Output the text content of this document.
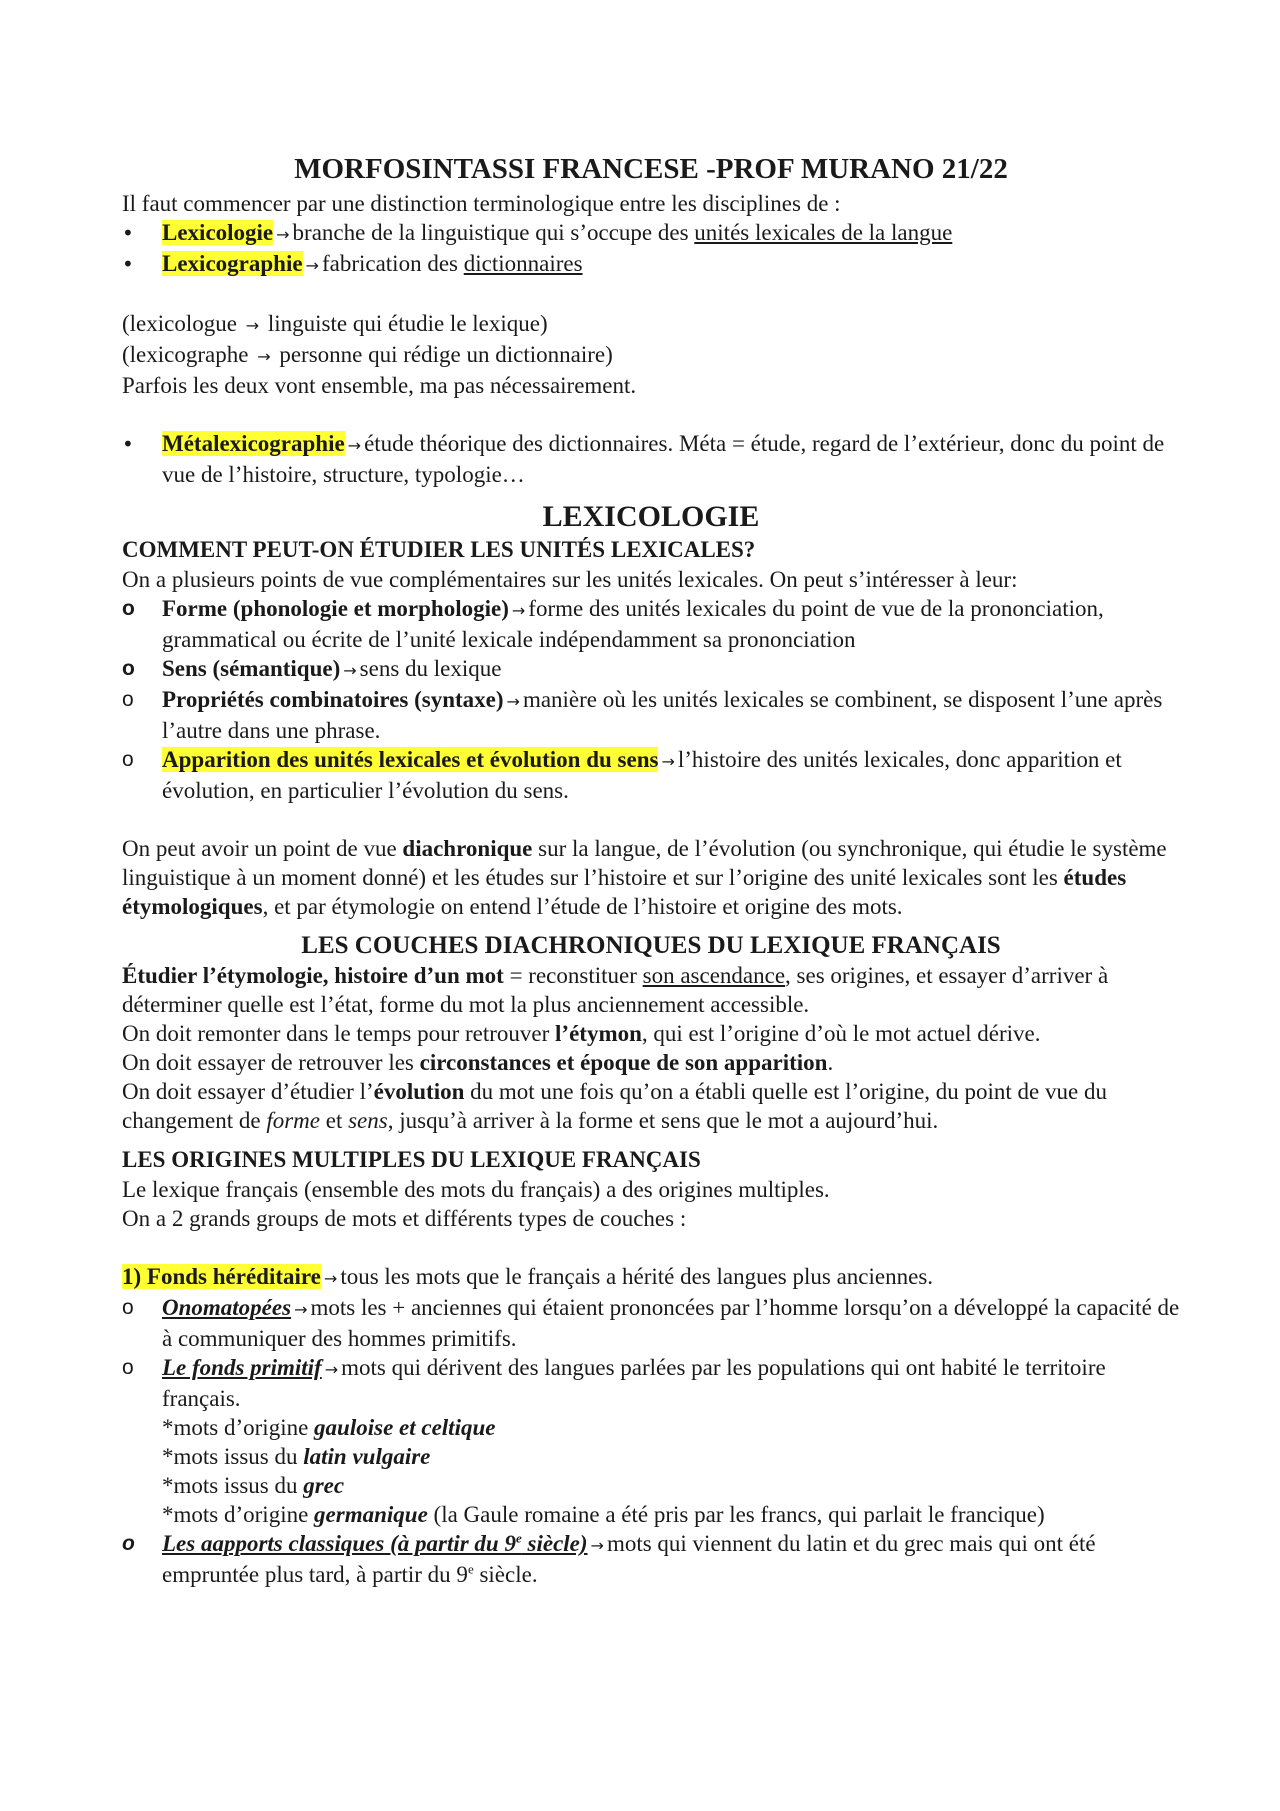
MORFOSINTASSI FRANCESE -PROF MURANO 21/22

Il faut commencer par une distinction terminologique entre les disciplines de :

•
Lexicologie → branche de la linguistique qui s’occupe des unités lexicales de la langue
•
Lexicographie → fabrication des dictionnaires

(lexicologue → linguiste qui étudie le lexique)

(lexicographe → personne qui rédige un dictionnaire)

Parfois les deux vont ensemble, ma pas nécessairement.

•
Métalexicographie → étude théorique des dictionnaires. Méta = étude, regard de l’extérieur, donc du point de vue de l’histoire, structure, typologie…

LEXICOLOGIE

COMMENT PEUT-ON ÉTUDIER LES UNITÉS LEXICALES?

On a plusieurs points de vue complémentaires sur les unités lexicales. On peut s’intéresser à leur:

o	Forme (phonologie et morphologie) → forme des unités lexicales du point de vue de la prononciation, grammatical ou écrite de l’unité lexicale indépendamment sa prononciation
o	Sens (sémantique) → sens du lexique
o	Propriétés combinatoires (syntaxe) → manière où les unités lexicales se combinent, se disposent l’une après l’autre dans une phrase.
o	Apparition des unités lexicales et évolution du sens → l’histoire des unités lexicales, donc apparition et évolution, en particulier l’évolution du sens.

On peut avoir un point de vue diachronique sur la langue, de l’évolution (ou synchronique, qui étudie le système linguistique à un moment donné) et les études sur l’histoire et sur l’origine des unité lexicales sont les études étymologiques, et par étymologie on entend l’étude de l’histoire et origine des mots.

LES COUCHES DIACHRONIQUES DU LEXIQUE FRANÇAIS

Étudier l’étymologie, histoire d’un mot = reconstituer son ascendance, ses origines, et essayer d’arriver à déterminer quelle est l’état, forme du mot la plus anciennement accessible.

On doit remonter dans le temps pour retrouver l’étymon, qui est l’origine d’où le mot actuel dérive.

On doit essayer de retrouver les circonstances et époque de son apparition.

On doit essayer d’étudier l’évolution du mot une fois qu’on a établi quelle est l’origine, du point de vue du changement de forme et sens, jusqu’à arriver à la forme et sens que le mot a aujourd’hui.

LES ORIGINES MULTIPLES DU LEXIQUE FRANÇAIS

Le lexique français (ensemble des mots du français) a des origines multiples.

On a 2 grands groups de mots et différents types de couches :

1) Fonds héréditaire → tous les mots que le français a hérité des langues plus anciennes.

o	Onomatopées → mots les + anciennes qui étaient prononcées par l’homme lorsqu’on a développé la capacité de à communiquer des hommes primitifs.
o	Le fonds primitif → mots qui dérivent des langues parlées par les populations qui ont habité le territoire français.

*mots d’origine gauloise et celtique

*mots issus du latin vulgaire

*mots issus du grec

*mots d’origine germanique (la Gaule romaine a été pris par les francs, qui parlait le francique)

o	Les aapports classiques (à partir du 9e siècle) → mots qui viennent du latin et du grec mais qui ont été empruntée plus tard, à partir du 9e siècle.
